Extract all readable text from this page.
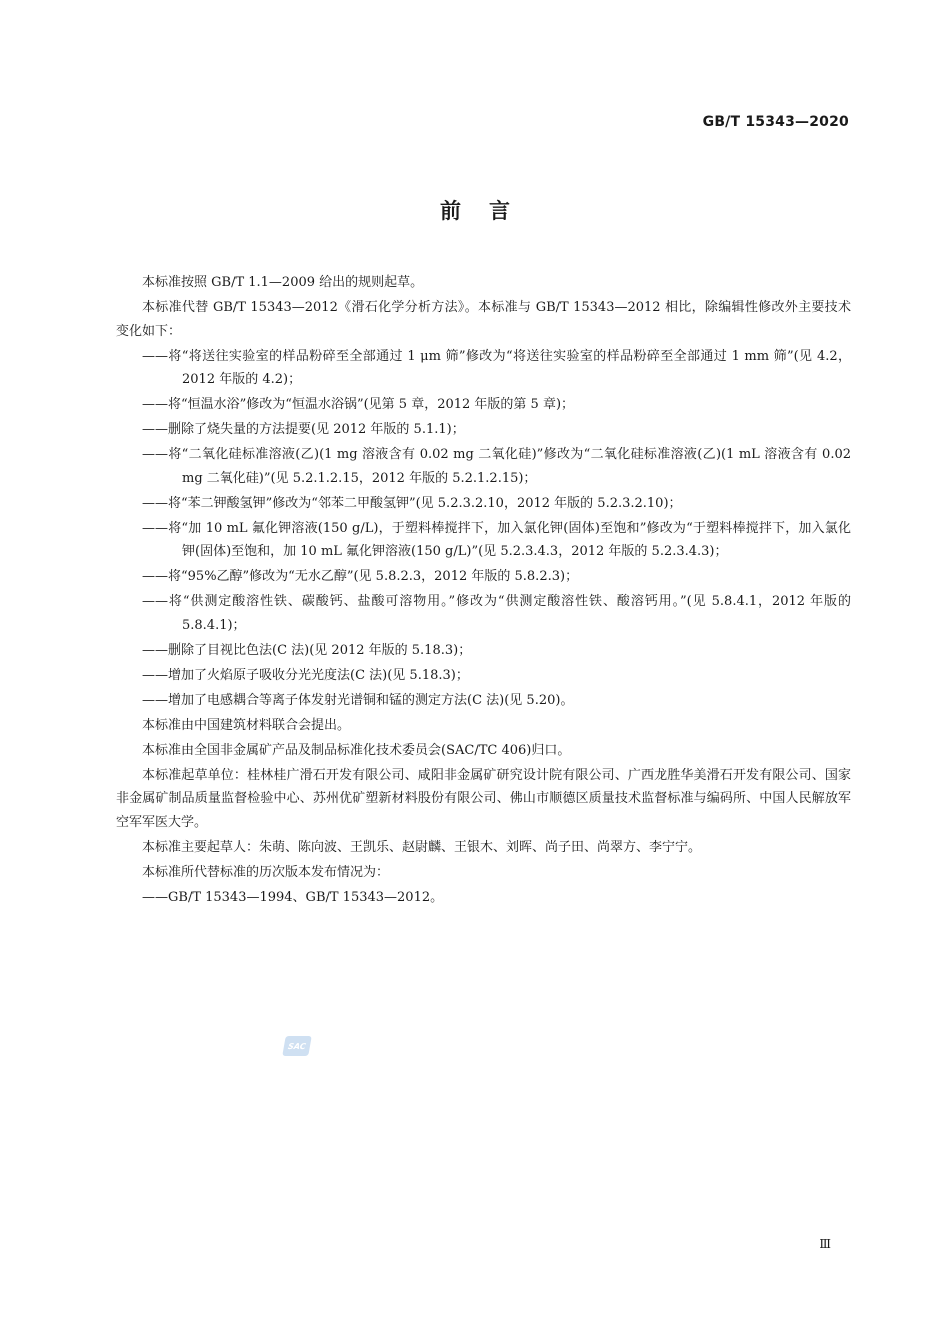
GB/T 15343—2020
前言

本标准按照 GB/T 1.1—2009 给出的规则起草。

本标准代替 GB/T 15343—2012《滑石化学分析方法》。本标准与 GB/T 15343—2012 相比，除编辑性修改外主要技术变化如下：

——将“将送往实验室的样品粉碎至全部通过 1 μm 筛”修改为“将送往实验室的样品粉碎至全部通过 1 mm 筛”(见 4.2，2012 年版的 4.2)；

——将“恒温水浴”修改为“恒温水浴锅”(见第 5 章，2012 年版的第 5 章)；

——删除了烧失量的方法提要(见 2012 年版的 5.1.1)；

——将“二氧化硅标准溶液(乙)(1 mg 溶液含有 0.02 mg 二氧化硅)”修改为“二氧化硅标准溶液(乙)(1 mL 溶液含有 0.02 mg 二氧化硅)”(见 5.2.1.2.15，2012 年版的 5.2.1.2.15)；

——将“苯二钾酸氢钾”修改为“邻苯二甲酸氢钾”(见 5.2.3.2.10，2012 年版的 5.2.3.2.10)；

——将“加 10 mL 氟化钾溶液(150 g/L)，于塑料棒搅拌下，加入氯化钾(固体)至饱和”修改为“于塑料棒搅拌下，加入氯化钾(固体)至饱和，加 10 mL 氟化钾溶液(150 g/L)”(见 5.2.3.4.3，2012 年版的 5.2.3.4.3)；

——将“95%乙醇”修改为“无水乙醇”(见 5.8.2.3，2012 年版的 5.8.2.3)；

——将“供测定酸溶性铁、碳酸钙、盐酸可溶物用。”修改为“供测定酸溶性铁、酸溶钙用。”(见 5.8.4.1，2012 年版的 5.8.4.1)；

——删除了目视比色法(C 法)(见 2012 年版的 5.18.3)；

——增加了火焰原子吸收分光光度法(C 法)(见 5.18.3)；

——增加了电感耦合等离子体发射光谱铜和锰的测定方法(C 法)(见 5.20)。

本标准由中国建筑材料联合会提出。

本标准由全国非金属矿产品及制品标准化技术委员会(SAC/TC 406)归口。

本标准起草单位：桂林桂广滑石开发有限公司、咸阳非金属矿研究设计院有限公司、广西龙胜华美滑石开发有限公司、国家非金属矿制品质量监督检验中心、苏州优矿塑新材料股份有限公司、佛山市顺德区质量技术监督标准与编码所、中国人民解放军空军军医大学。

本标准主要起草人：朱萌、陈向波、王凯乐、赵尉麟、王银木、刘晖、尚子田、尚翠方、李宁宁。

本标准所代替标准的历次版本发布情况为：

——GB/T 15343—1994、GB/T 15343—2012。

SAC
Ⅲ
